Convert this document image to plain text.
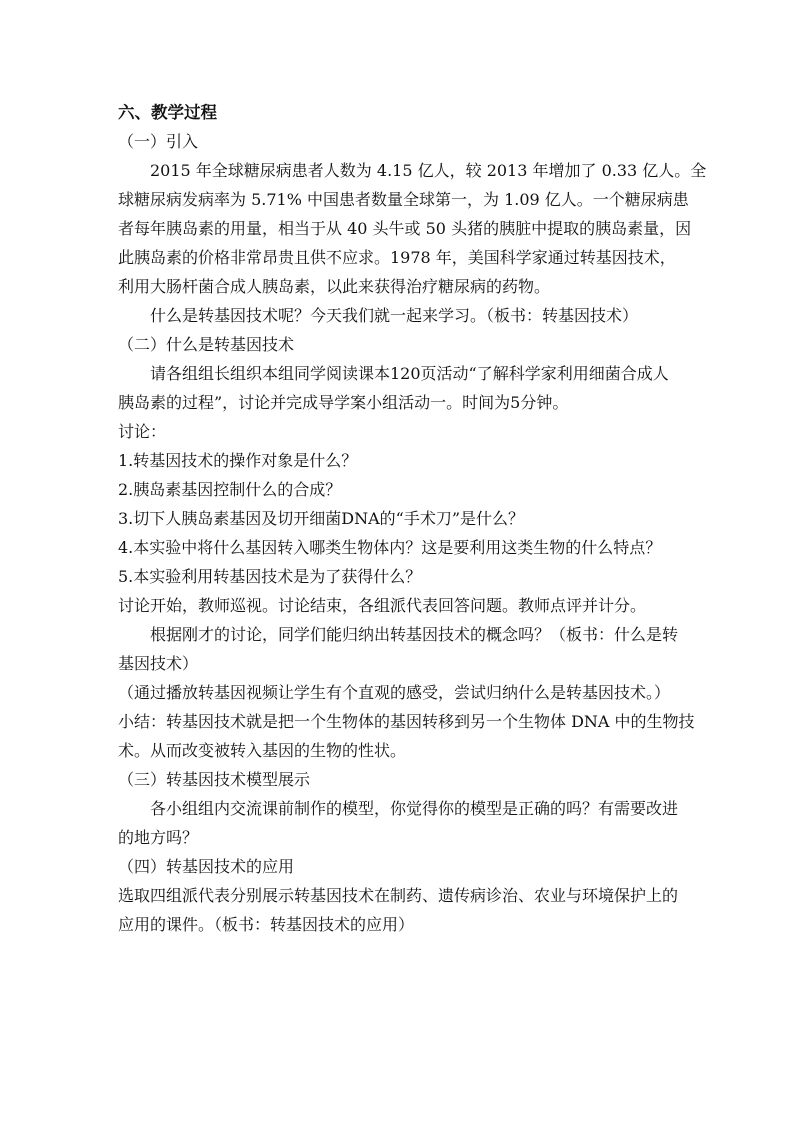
六、教学过程
（一）引入
2015 年全球糖尿病患者人数为 4.15 亿人，较 2013 年增加了 0.33 亿人。全
球糖尿病发病率为 5.71% 中国患者数量全球第一，为 1.09 亿人。一个糖尿病患
者每年胰岛素的用量，相当于从 40 头牛或 50 头猪的胰脏中提取的胰岛素量，因
此胰岛素的价格非常昂贵且供不应求。1978 年，美国科学家通过转基因技术，
利用大肠杆菌合成人胰岛素，以此来获得治疗糖尿病的药物。
什么是转基因技术呢？今天我们就一起来学习。（板书：转基因技术）
（二）什么是转基因技术
请各组组长组织本组同学阅读课本120页活动“了解科学家利用细菌合成人
胰岛素的过程”，讨论并完成导学案小组活动一。时间为5分钟。
讨论：
1.转基因技术的操作对象是什么？
2.胰岛素基因控制什么的合成？
3.切下人胰岛素基因及切开细菌DNA的“手术刀”是什么？
4.本实验中将什么基因转入哪类生物体内？这是要利用这类生物的什么特点？
5.本实验利用转基因技术是为了获得什么？
讨论开始，教师巡视。讨论结束，各组派代表回答问题。教师点评并计分。
根据刚才的讨论，同学们能归纳出转基因技术的概念吗？（板书：什么是转
基因技术）
（通过播放转基因视频让学生有个直观的感受，尝试归纳什么是转基因技术。）
小结：转基因技术就是把一个生物体的基因转移到另一个生物体 DNA 中的生物技
术。从而改变被转入基因的生物的性状。
（三）转基因技术模型展示
各小组组内交流课前制作的模型，你觉得你的模型是正确的吗？有需要改进
的地方吗？
（四）转基因技术的应用
选取四组派代表分别展示转基因技术在制药、遗传病诊治、农业与环境保护上的
应用的课件。（板书：转基因技术的应用）
